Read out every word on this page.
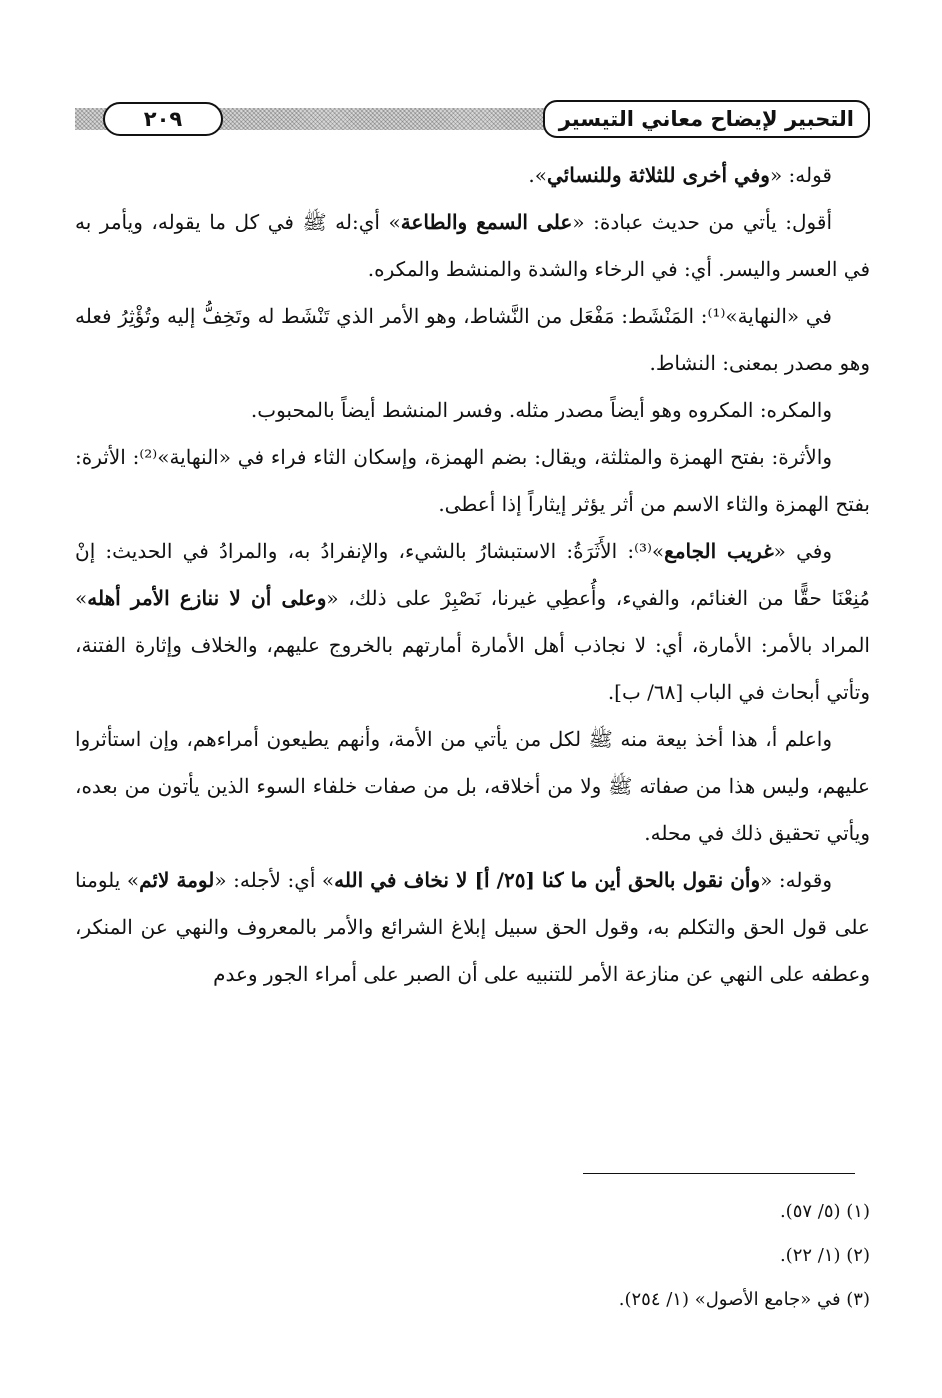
التحبير لإيضاح معاني التيسير
٢٠٩

قوله: «وفي أخرى للثلاثة وللنسائي».

أقول: يأتي من حديث عبادة: «على السمع والطاعة» أي:له ﷺ في كل ما يقوله، ويأمر به في العسر واليسر. أي: في الرخاء والشدة والمنشط والمكره.

في «النهاية»⁽¹⁾: المَنْشَط: مَفْعَل من النَّشاط، وهو الأمر الذي تَنْشَط له وتَخِفُّ إليه وتُؤْثِرُ فعله وهو مصدر بمعنى: النشاط.

والمكره: المكروه وهو أيضاً مصدر مثله. وفسر المنشط أيضاً بالمحبوب.

والأثرة: بفتح الهمزة والمثلثة، ويقال: بضم الهمزة، وإسكان الثاء فراء في «النهاية»⁽²⁾: الأثرة: بفتح الهمزة والثاء الاسم من أثر يؤثر إيثاراً إذا أعطى.

وفي «غريب الجامع»⁽³⁾: الأَثَرَةُ: الاستبشارُ بالشيء، والإنفرادُ به، والمرادُ في الحديث: إنْ مُنِعْنَا حقًّا من الغنائم، والفيء، وأُعطِي غيرنا، نَصْبِرْ على ذلك، «وعلى أن لا ننازع الأمر أهله» المراد بالأمر: الأمارة، أي: لا نجاذب أهل الأمارة أمارتهم بالخروج عليهم، والخلاف وإثارة الفتنة، وتأتي أبحاث في الباب [٦٨/ ب].

واعلم أ، هذا أخذ بيعة منه ﷺ لكل من يأتي من الأمة، وأنهم يطيعون أمراءهم، وإن استأثروا عليهم، وليس هذا من صفاته ﷺ ولا من أخلاقه، بل من صفات خلفاء السوء الذين يأتون من بعده، ويأتي تحقيق ذلك في محله.

وقوله: «وأن نقول بالحق أين ما كنا [٢٥/ أ] لا نخاف في الله» أي: لأجله: «لومة لائم» يلومنا على قول الحق والتكلم به، وقول الحق سبيل إبلاغ الشرائع والأمر بالمعروف والنهي عن المنكر، وعطفه على النهي عن منازعة الأمر للتنبيه على أن الصبر على أمراء الجور وعدم

(١) (٥/ ٥٧).

(٢) (١/ ٢٢).

(٣) في «جامع الأصول» (١/ ٢٥٤).
